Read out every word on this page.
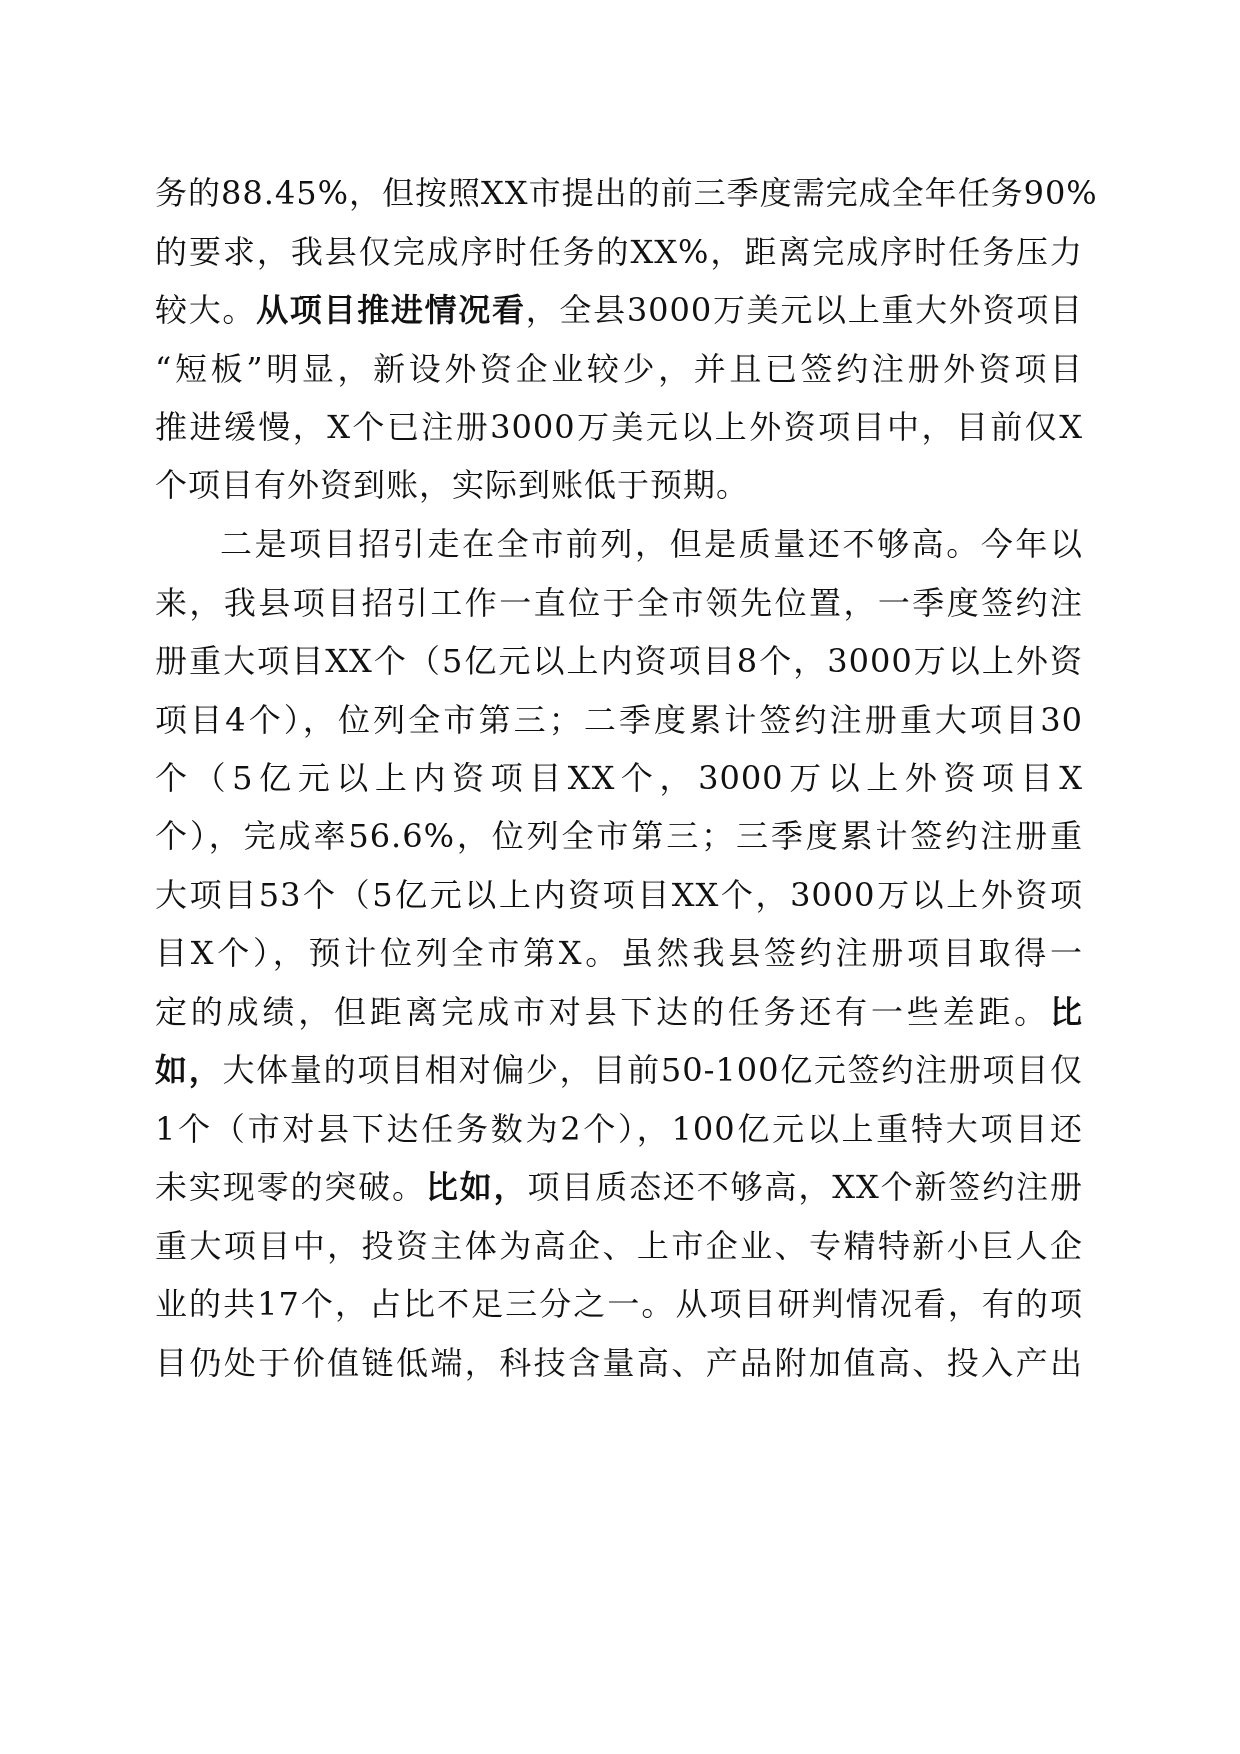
务的88.45%，但按照XX市提出的前三季度需完成全年任务90%
的要求，我县仅完成序时任务的XX%，距离完成序时任务压力
较大。从项目推进情况看，全县3000万美元以上重大外资项目
“短板”明显，新设外资企业较少，并且已签约注册外资项目
推进缓慢，X个已注册3000万美元以上外资项目中，目前仅X
个项目有外资到账，实际到账低于预期。
二是项目招引走在全市前列，但是质量还不够高。今年以
来，我县项目招引工作一直位于全市领先位置，一季度签约注
册重大项目XX个（5亿元以上内资项目8个，3000万以上外资
项目4个），位列全市第三；二季度累计签约注册重大项目30
个（5亿元以上内资项目XX个，3000万以上外资项目X
个），完成率56.6%，位列全市第三；三季度累计签约注册重
大项目53个（5亿元以上内资项目XX个，3000万以上外资项
目X个），预计位列全市第X。虽然我县签约注册项目取得一
定的成绩，但距离完成市对县下达的任务还有一些差距。比
如，大体量的项目相对偏少，目前50-100亿元签约注册项目仅
1个（市对县下达任务数为2个），100亿元以上重特大项目还
未实现零的突破。比如，项目质态还不够高，XX个新签约注册
重大项目中，投资主体为高企、上市企业、专精特新小巨人企
业的共17个，占比不足三分之一。从项目研判情况看，有的项
目仍处于价值链低端，科技含量高、产品附加值高、投入产出
